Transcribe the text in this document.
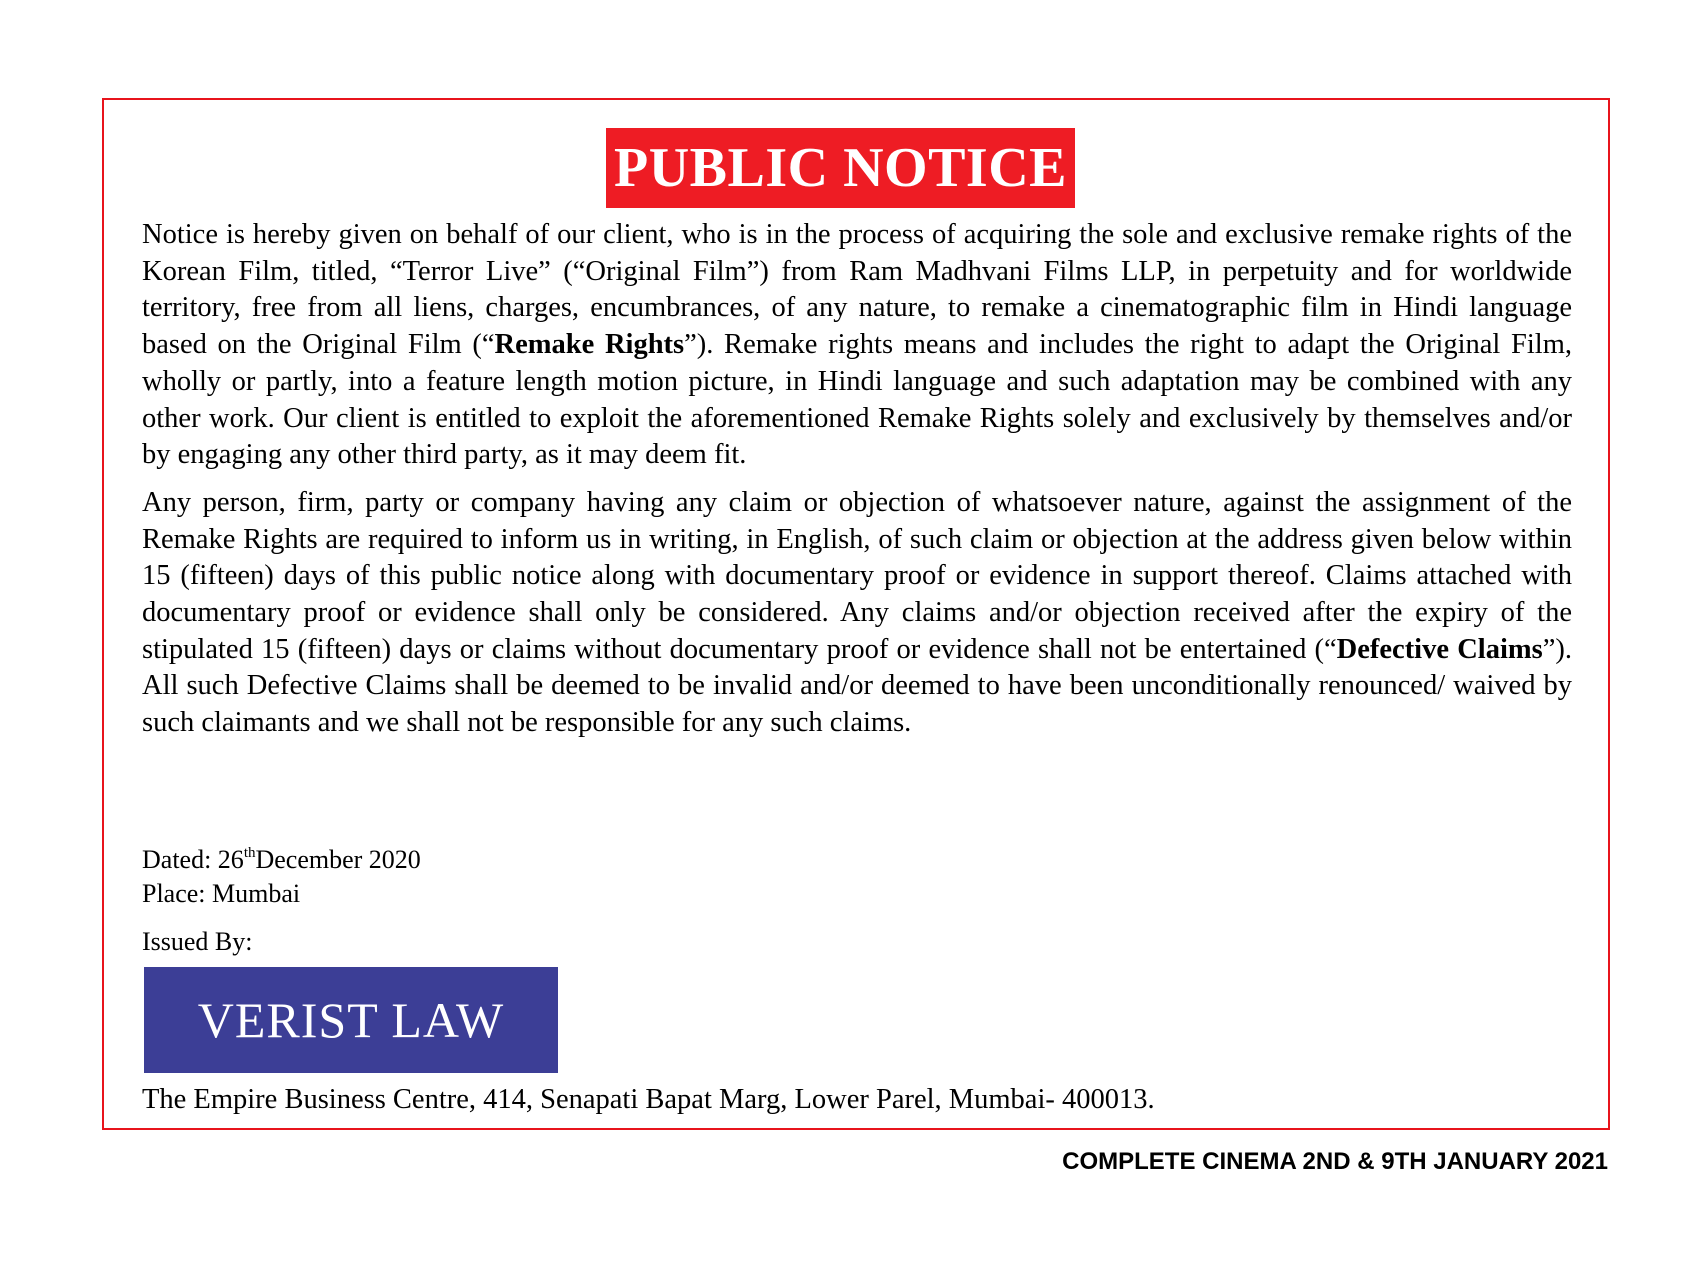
PUBLIC NOTICE

Notice is hereby given on behalf of our client, who is in the process of acquiring the sole and exclusive remake rights of the Korean Film, titled, “Terror Live” (“Original Film”) from Ram Madhvani Films LLP, in perpetuity and for worldwide territory, free from all liens, charges, encumbrances, of any nature, to remake a cinematographic film in Hindi language based on the Original Film (“Remake Rights”). Remake rights means and includes the right to adapt the Original Film, wholly or partly, into a feature length motion picture, in Hindi language and such adaptation may be combined with any other work. Our client is entitled to exploit the aforementioned Remake Rights solely and exclusively by themselves and/or by engaging any other third party, as it may deem fit.

Any person, firm, party or company having any claim or objection of whatsoever nature, against the assignment of the Remake Rights are required to inform us in writing, in English, of such claim or objection at the address given below within 15 (fifteen) days of this public notice along with documentary proof or evidence in support thereof. Claims attached with documentary proof or evidence shall only be considered. Any claims and/or objection received after the expiry of the stipulated 15 (fifteen) days or claims without documentary proof or evidence shall not be entertained (“Defective Claims”). All such Defective Claims shall be deemed to be invalid and/or deemed to have been unconditionally renounced/ waived by such claimants and we shall not be responsible for any such claims.

Dated: 26thDecember 2020
Place: Mumbai
Issued By:
VERIST LAW
The Empire Business Centre, 414, Senapati Bapat Marg, Lower Parel, Mumbai- 400013.
COMPLETE CINEMA 2ND & 9TH JANUARY 2021
